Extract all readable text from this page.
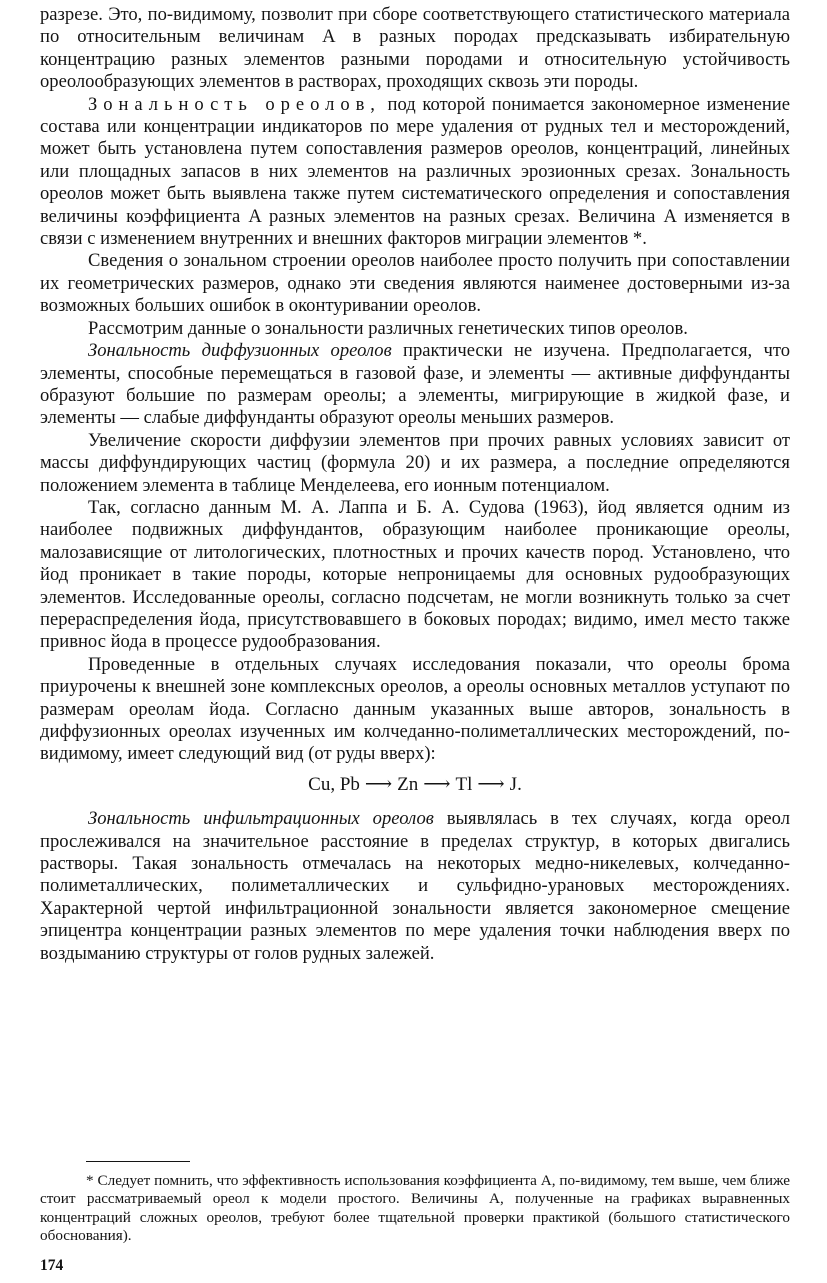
разрезе. Это, по-видимому, позволит при сборе соответствующего статистического материала по относительным величинам A в разных породах предсказывать избирательную концентрацию разных элементов разными породами и относительную устойчивость ореолообразующих элементов в растворах, проходящих сквозь эти породы.

Зональность ореолов, под которой понимается закономерное изменение состава или концентрации индикаторов по мере удаления от рудных тел и месторождений, может быть установлена путем сопоставления размеров ореолов, концентраций, линейных или площадных запасов в них элементов на различных эрозионных срезах. Зональность ореолов может быть выявлена также путем систематического определения и сопоставления величины коэффициента A разных элементов на разных срезах. Величина A изменяется в связи с изменением внутренних и внешних факторов миграции элементов *.

Сведения о зональном строении ореолов наиболее просто получить при сопоставлении их геометрических размеров, однако эти сведения являются наименее достоверными из-за возможных больших ошибок в оконтуривании ореолов.

Рассмотрим данные о зональности различных генетических типов ореолов.

Зональность диффузионных ореолов практически не изучена. Предполагается, что элементы, способные перемещаться в газовой фазе, и элементы — активные диффунданты образуют большие по размерам ореолы; а элементы, мигрирующие в жидкой фазе, и элементы — слабые диффунданты образуют ореолы меньших размеров.

Увеличение скорости диффузии элементов при прочих равных условиях зависит от массы диффундирующих частиц (формула 20) и их размера, а последние определяются положением элемента в таблице Менделеева, его ионным потенциалом.

Так, согласно данным М. А. Лаппа и Б. А. Судова (1963), йод является одним из наиболее подвижных диффундантов, образующим наиболее проникающие ореолы, малозависящие от литологических, плотностных и прочих качеств пород. Установлено, что йод проникает в такие породы, которые непроницаемы для основных рудообразующих элементов. Исследованные ореолы, согласно подсчетам, не могли возникнуть только за счет перераспределения йода, присутствовавшего в боковых породах; видимо, имел место также привнос йода в процессе рудообразования.

Проведенные в отдельных случаях исследования показали, что ореолы брома приурочены к внешней зоне комплексных ореолов, а ореолы основных металлов уступают по размерам ореолам йода. Согласно данным указанных выше авторов, зональность в диффузионных ореолах изученных им колчеданно-полиметаллических месторождений, по-видимому, имеет следующий вид (от руды вверх):

Cu, Pb ⟶ Zn ⟶ Tl ⟶ J.

Зональность инфильтрационных ореолов выявлялась в тех случаях, когда ореол прослеживался на значительное расстояние в пределах структур, в которых двигались растворы. Такая зональность отмечалась на некоторых медно-никелевых, колчеданно-полиметаллических, полиметаллических и сульфидно-урановых месторождениях. Характерной чертой инфильтрационной зональности является закономерное смещение эпицентра концентрации разных элементов по мере удаления точки наблюдения вверх по воздыманию структуры от голов рудных залежей.

* Следует помнить, что эффективность использования коэффициента A, по-видимому, тем выше, чем ближе стоит рассматриваемый ореол к модели простого. Величины A, полученные на графиках выравненных концентраций сложных ореолов, требуют более тщательной проверки практикой (большого статистического обоснования).

174
